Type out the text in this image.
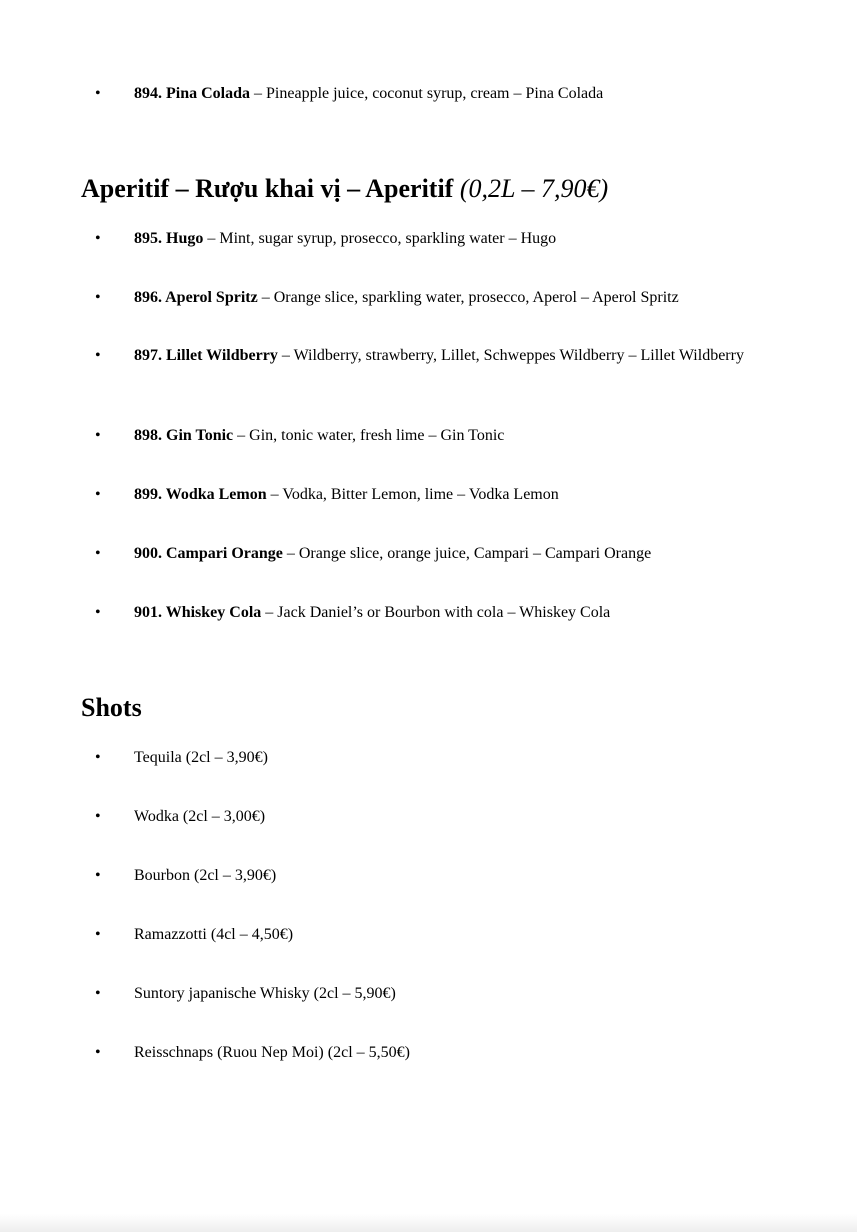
• 894. Pina Colada – Pineapple juice, coconut syrup, cream – Pina Colada
Aperitif – Rượu khai vị – Aperitif (0,2L – 7,90€)
• 895. Hugo – Mint, sugar syrup, prosecco, sparkling water – Hugo
• 896. Aperol Spritz – Orange slice, sparkling water, prosecco, Aperol – Aperol Spritz
• 897. Lillet Wildberry – Wildberry, strawberry, Lillet, Schweppes Wildberry – Lillet Wildberry
• 898. Gin Tonic – Gin, tonic water, fresh lime – Gin Tonic
• 899. Wodka Lemon – Vodka, Bitter Lemon, lime – Vodka Lemon
• 900. Campari Orange – Orange slice, orange juice, Campari – Campari Orange
• 901. Whiskey Cola – Jack Daniel’s or Bourbon with cola – Whiskey Cola
Shots
• Tequila (2cl – 3,90€)
• Wodka (2cl – 3,00€)
• Bourbon (2cl – 3,90€)
• Ramazzotti (4cl – 4,50€)
• Suntory japanische Whisky (2cl – 5,90€)
• Reisschnaps (Ruou Nep Moi) (2cl – 5,50€)
